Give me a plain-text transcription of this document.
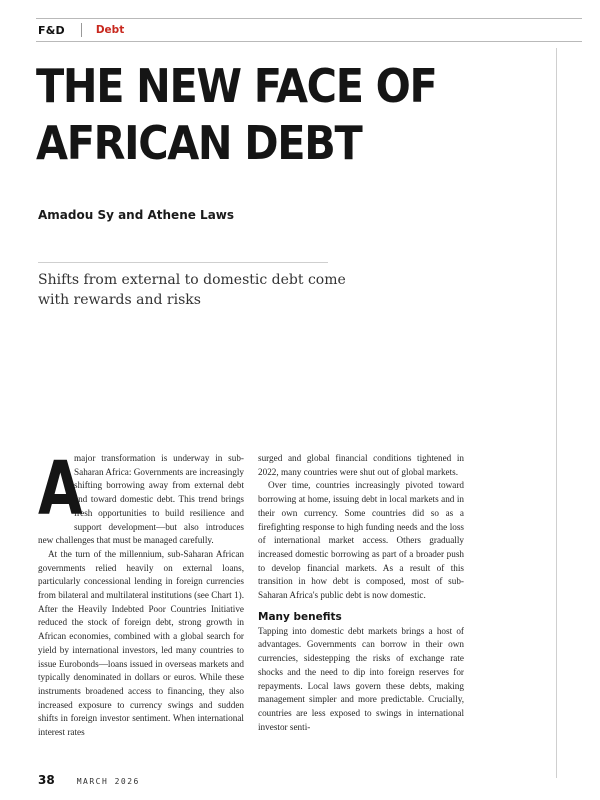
F&D	Debt
THE NEW FACE OF
AFRICAN DEBT
Amadou Sy and Athene Laws
Shifts from external to domestic debt come with rewards and risks
A

major transformation is underway in sub-Saharan Africa: Governments are increasingly shifting borrowing away from external debt and toward domestic debt. This trend brings fresh opportunities to build resilience and support development—but also introduces new challenges that must be managed carefully.

At the turn of the millennium, sub-Saharan African governments relied heavily on external loans, particularly concessional lending in foreign currencies from bilateral and multilateral institutions (see Chart 1). After the Heavily Indebted Poor Countries Initiative reduced the stock of foreign debt, strong growth in African economies, combined with a global search for yield by international investors, led many countries to issue Eurobonds—loans issued in overseas markets and typically denominated in dollars or euros. While these instruments broadened access to financing, they also increased exposure to currency swings and sudden shifts in foreign investor sentiment. When international interest rates

surged and global financial conditions tightened in 2022, many countries were shut out of global markets.

Over time, countries increasingly pivoted toward borrowing at home, issuing debt in local markets and in their own currency. Some countries did so as a firefighting response to high funding needs and the loss of international market access. Others gradually increased domestic borrowing as part of a broader push to develop financial markets. As a result of this transition in how debt is composed, most of sub-Saharan Africa's public debt is now domestic.

Many benefits

Tapping into domestic debt markets brings a host of advantages. Governments can borrow in their own currencies, sidestepping the risks of exchange rate shocks and the need to dip into foreign reserves for repayments. Local laws govern these debts, making management simpler and more predictable. Crucially, countries are less exposed to swings in international investor senti-

38	MARCH 2026
